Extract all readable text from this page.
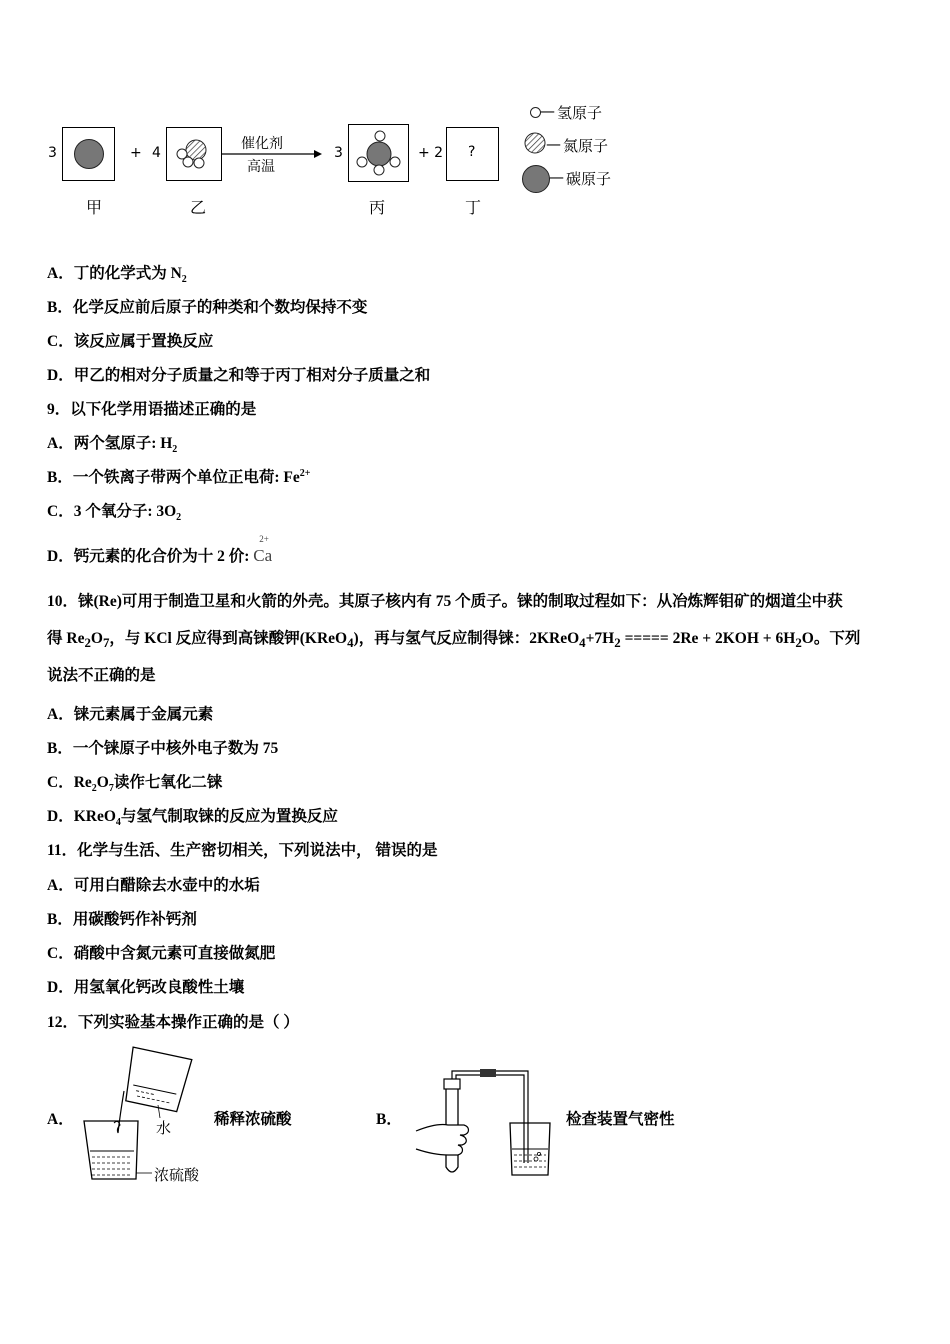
3	+ 4
催化剂
高温
3	+ 2 ?
甲	乙	丙	丁
— 氢原子
— 氮原子
— 碳原子
A．丁的化学式为 $N_2$
B．化学反应前后原子的种类和个数均保持不变
C．该反应属于置换反应
D．甲乙的相对分子质量之和等于丙丁相对分子质量之和
9．以下化学用语描述正确的是
A．两个氢原子: $H_2$
B．一个铁离子带两个单位正电荷: $Fe^{2+}$
C．3 个氧分子: $3O_2$
D．钙元素的化合价为十 2 价:
2+
Ca
10．铼(Re)可用于制造卫星和火箭的外壳。其原子核内有 75 个质子。铼的制取过程如下：从冶炼辉钼矿的烟道尘中获
得 $Re_2O_7$，与 KCl 反应得到高铼酸钾(KReO$_4$)，再与氢气反应制得铼：$2KReO_4+7H_2$ ===== $2Re + 2KOH + 6H_2O$。下列
说法不正确的是
A．铼元素属于金属元素
B．一个铼原子中核外电子数为 75
C．$Re_2O_7$读作七氧化二铼
D．KReO$_4$与氢气制取铼的反应为置换反应
11．化学与生活、生产密切相关，下列说法中， 错误的是
A．可用白醋除去水壶中的水垢
B．用碳酸钙作补钙剂
C．硝酸中含氮元素可直接做氮肥
D．用氢氧化钙改良酸性土壤
12．下列实验基本操作正确的是（ ）
A．	水
浓硫酸
稀释浓硫酸	B．	检查装置气密性
